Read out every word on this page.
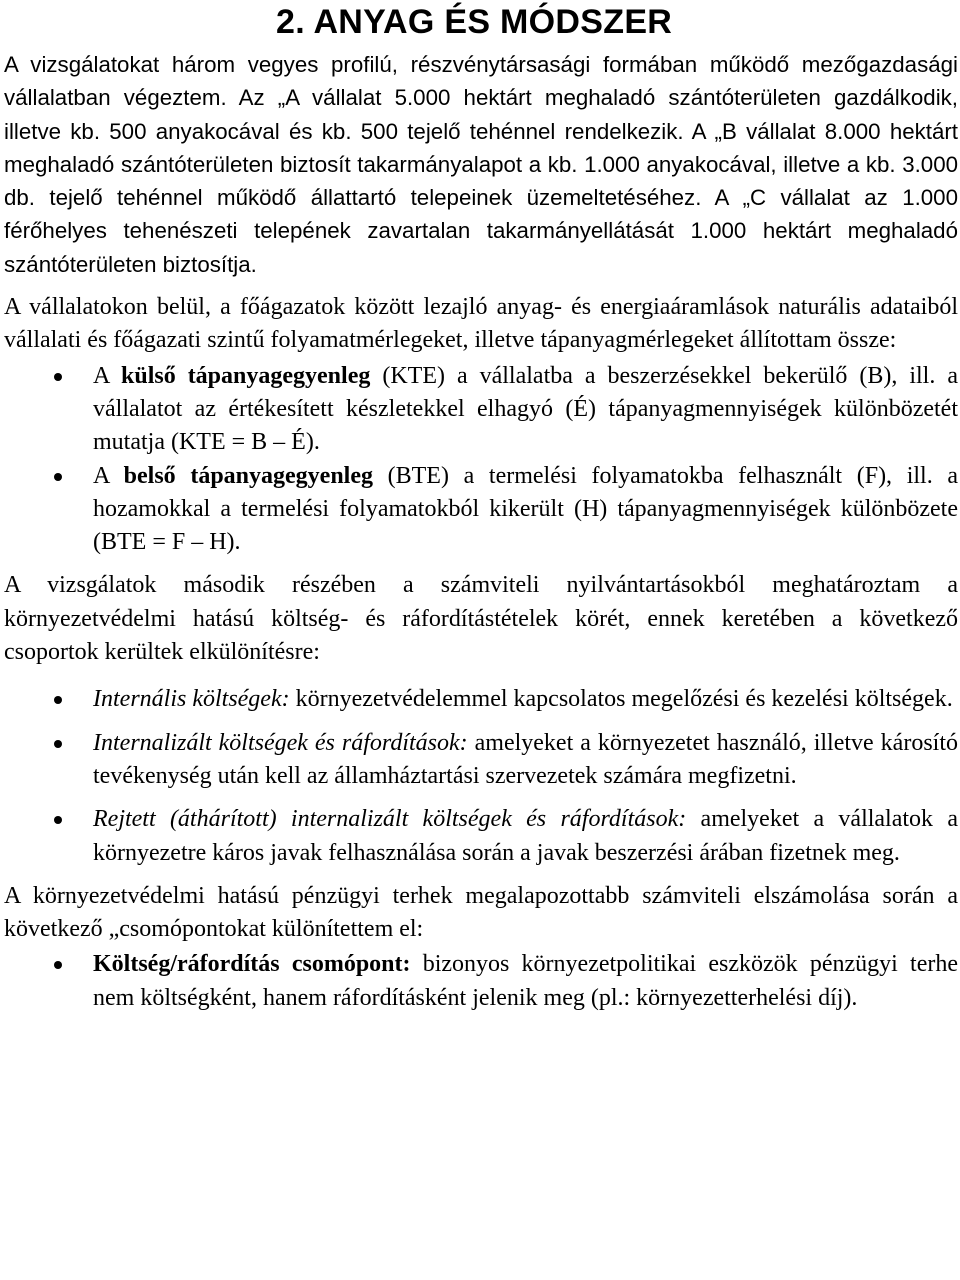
2. ANYAG ÉS MÓDSZER

A vizsgálatokat három vegyes profilú, részvénytársasági formában működő mezőgazdasági vállalatban végeztem. Az „A vállalat 5.000 hektárt meghaladó szántóterületen gazdálkodik, illetve kb. 500 anyakocával és kb. 500 tejelő tehénnel rendelkezik. A „B vállalat 8.000 hektárt meghaladó szántóterületen biztosít takarmányalapot a kb. 1.000 anyakocával, illetve a kb. 3.000 db. tejelő tehénnel működő állattartó telepeinek üzemeltetéséhez. A „C vállalat az 1.000 férőhelyes tehenészeti telepének zavartalan takarmányellátását 1.000 hektárt meghaladó szántóterületen biztosítja.

A vállalatokon belül, a főágazatok között lezajló anyag- és energiaáramlások naturális adataiból vállalati és főágazati szintű folyamatmérlegeket, illetve tápanyagmérlegeket állítottam össze:

A külső tápanyagegyenleg (KTE) a vállalatba a beszerzésekkel bekerülő (B), ill. a vállalatot az értékesített készletekkel elhagyó (É) tápanyagmennyiségek különbözetét mutatja (KTE = B – É).
A belső tápanyagegyenleg (BTE) a termelési folyamatokba felhasznált (F), ill. a hozamokkal a termelési folyamatokból kikerült (H) tápanyagmennyiségek különbözete (BTE = F – H).

A vizsgálatok második részében a számviteli nyilvántartásokból meghatároztam a környezetvédelmi hatású költség- és ráfordítástételek körét, ennek keretében a következő csoportok kerültek elkülönítésre:

Internális költségek: környezetvédelemmel kapcsolatos megelőzési és kezelési költségek.
Internalizált költségek és ráfordítások: amelyeket a környezetet használó, illetve károsító tevékenység után kell az államháztartási szervezetek számára megfizetni.
Rejtett (áthárított) internalizált költségek és ráfordítások: amelyeket a vállalatok a környezetre káros javak felhasználása során a javak beszerzési árában fizetnek meg.

A környezetvédelmi hatású pénzügyi terhek megalapozottabb számviteli elszámolása során a következő „csomópontokat különítettem el:

Költség/ráfordítás csomópont: bizonyos környezetpolitikai eszközök pénzügyi terhe nem költségként, hanem ráfordításként jelenik meg (pl.: környezetterhelési díj).
